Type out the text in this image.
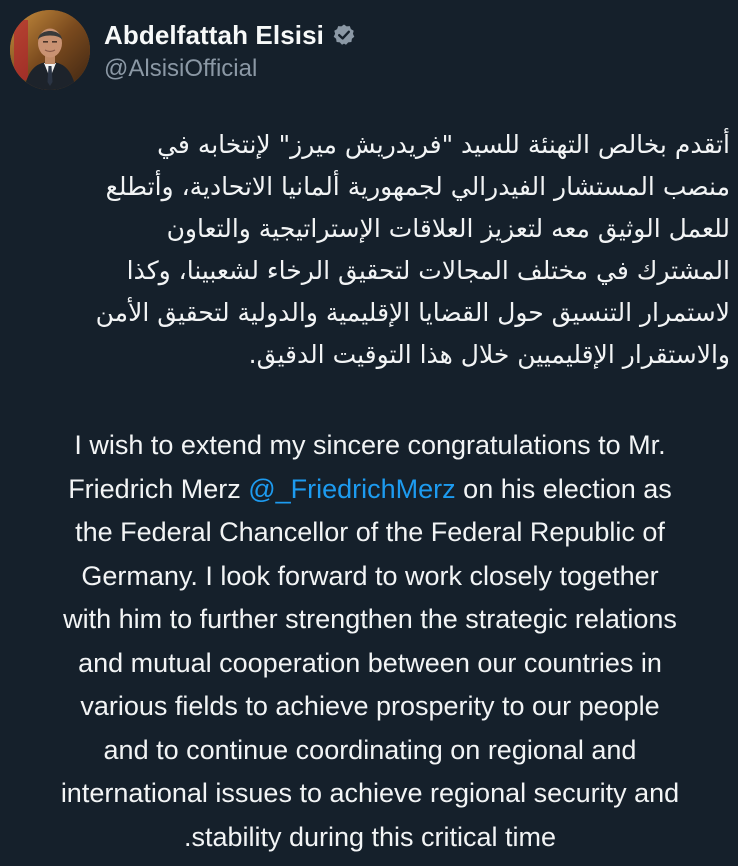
Abdelfattah Elsisi
@AlsisiOfficial
أتقدم بخالص التهنئة للسيد "فريدريش ميرز" لإنتخابه في
منصب المستشار الفيدرالي لجمهورية ألمانيا الاتحادية، وأتطلع
للعمل الوثيق معه لتعزيز العلاقات الإستراتيجية والتعاون
المشترك في مختلف المجالات لتحقيق الرخاء لشعبينا، وكذا
لاستمرار التنسيق حول القضايا الإقليمية والدولية لتحقيق الأمن
والاستقرار الإقليميين خلال هذا التوقيت الدقيق.
I wish to extend my sincere congratulations to Mr.
Friedrich Merz @_FriedrichMerz on his election as
the Federal Chancellor of the Federal Republic of
Germany. I look forward to work closely together
with him to further strengthen the strategic relations
and mutual cooperation between our countries in
various fields to achieve prosperity to our people
and to continue coordinating on regional and
international issues to achieve regional security and
.stability during this critical time
